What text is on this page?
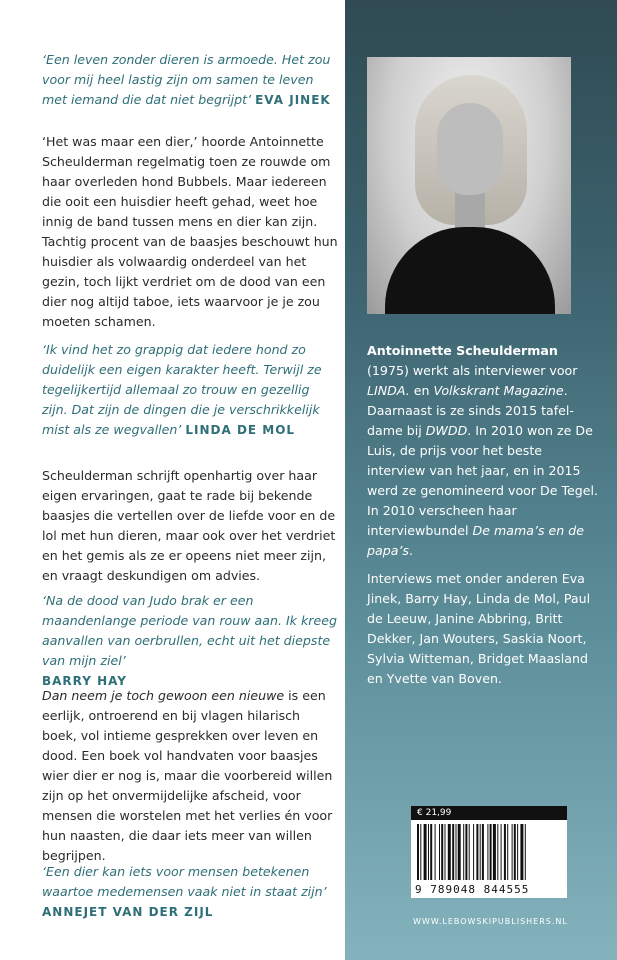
‘Een leven zonder dieren is armoede. Het zou voor mij heel lastig zijn om samen te leven met iemand die dat niet begrijpt’ EVA JINEK

‘Het was maar een dier,’ hoorde Antoinnette Scheulderman regelmatig toen ze rouwde om haar overleden hond Bubbels. Maar iedereen die ooit een huisdier heeft gehad, weet hoe innig de band tussen mens en dier kan zijn. Tachtig procent van de baasjes beschouwt hun huisdier als volwaardig onderdeel van het gezin, toch lijkt verdriet om de dood van een dier nog altijd taboe, iets waarvoor je je zou moeten schamen.

‘Ik vind het zo grappig dat iedere hond zo duidelijk een eigen karakter heeft. Terwijl ze tegelijkertijd allemaal zo trouw en gezellig zijn. Dat zijn de dingen die je verschrikkelijk mist als ze wegvallen’ LINDA DE MOL

Scheulderman schrijft openhartig over haar eigen ervaringen, gaat te rade bij bekende baasjes die vertellen over de liefde voor en de lol met hun dieren, maar ook over het verdriet en het gemis als ze er opeens niet meer zijn, en vraagt deskundigen om advies.

‘Na de dood van Judo brak er een maandenlange periode van rouw aan. Ik kreeg aanvallen van oerbrullen, echt uit het diepste van mijn ziel’
BARRY HAY

Dan neem je toch gewoon een nieuwe is een eerlijk, ontroerend en bij vlagen hilarisch boek, vol intieme gesprekken over leven en dood. Een boek vol handvaten voor baasjes wier dier er nog is, maar die voorbereid willen zijn op het onvermijdelijke afscheid, voor mensen die worstelen met het verlies én voor hun naasten, die daar iets meer van willen begrijpen.

‘Een dier kan iets voor mensen betekenen waartoe medemensen vaak niet in staat zijn’
ANNEJET VAN DER ZIJL

Antoinnette Scheulderman (1975) werkt als interviewer voor LINDA. en Volkskrant Magazine. Daarnaast is ze sinds 2015 tafel-dame bij DWDD. In 2010 won ze De Luis, de prijs voor het beste interview van het jaar, en in 2015 werd ze genomineerd voor De Tegel. In 2010 verscheen haar interviewbundel De mama’s en de papa’s.

Interviews met onder anderen Eva Jinek, Barry Hay, Linda de Mol, Paul de Leeuw, Janine Abbring, Britt Dekker, Jan Wouters, Saskia Noort, Sylvia Witteman, Bridget Maasland en Yvette van Boven.

€ 21,99
9 789048 844555
WWW.LEBOWSKIPUBLISHERS.NL
